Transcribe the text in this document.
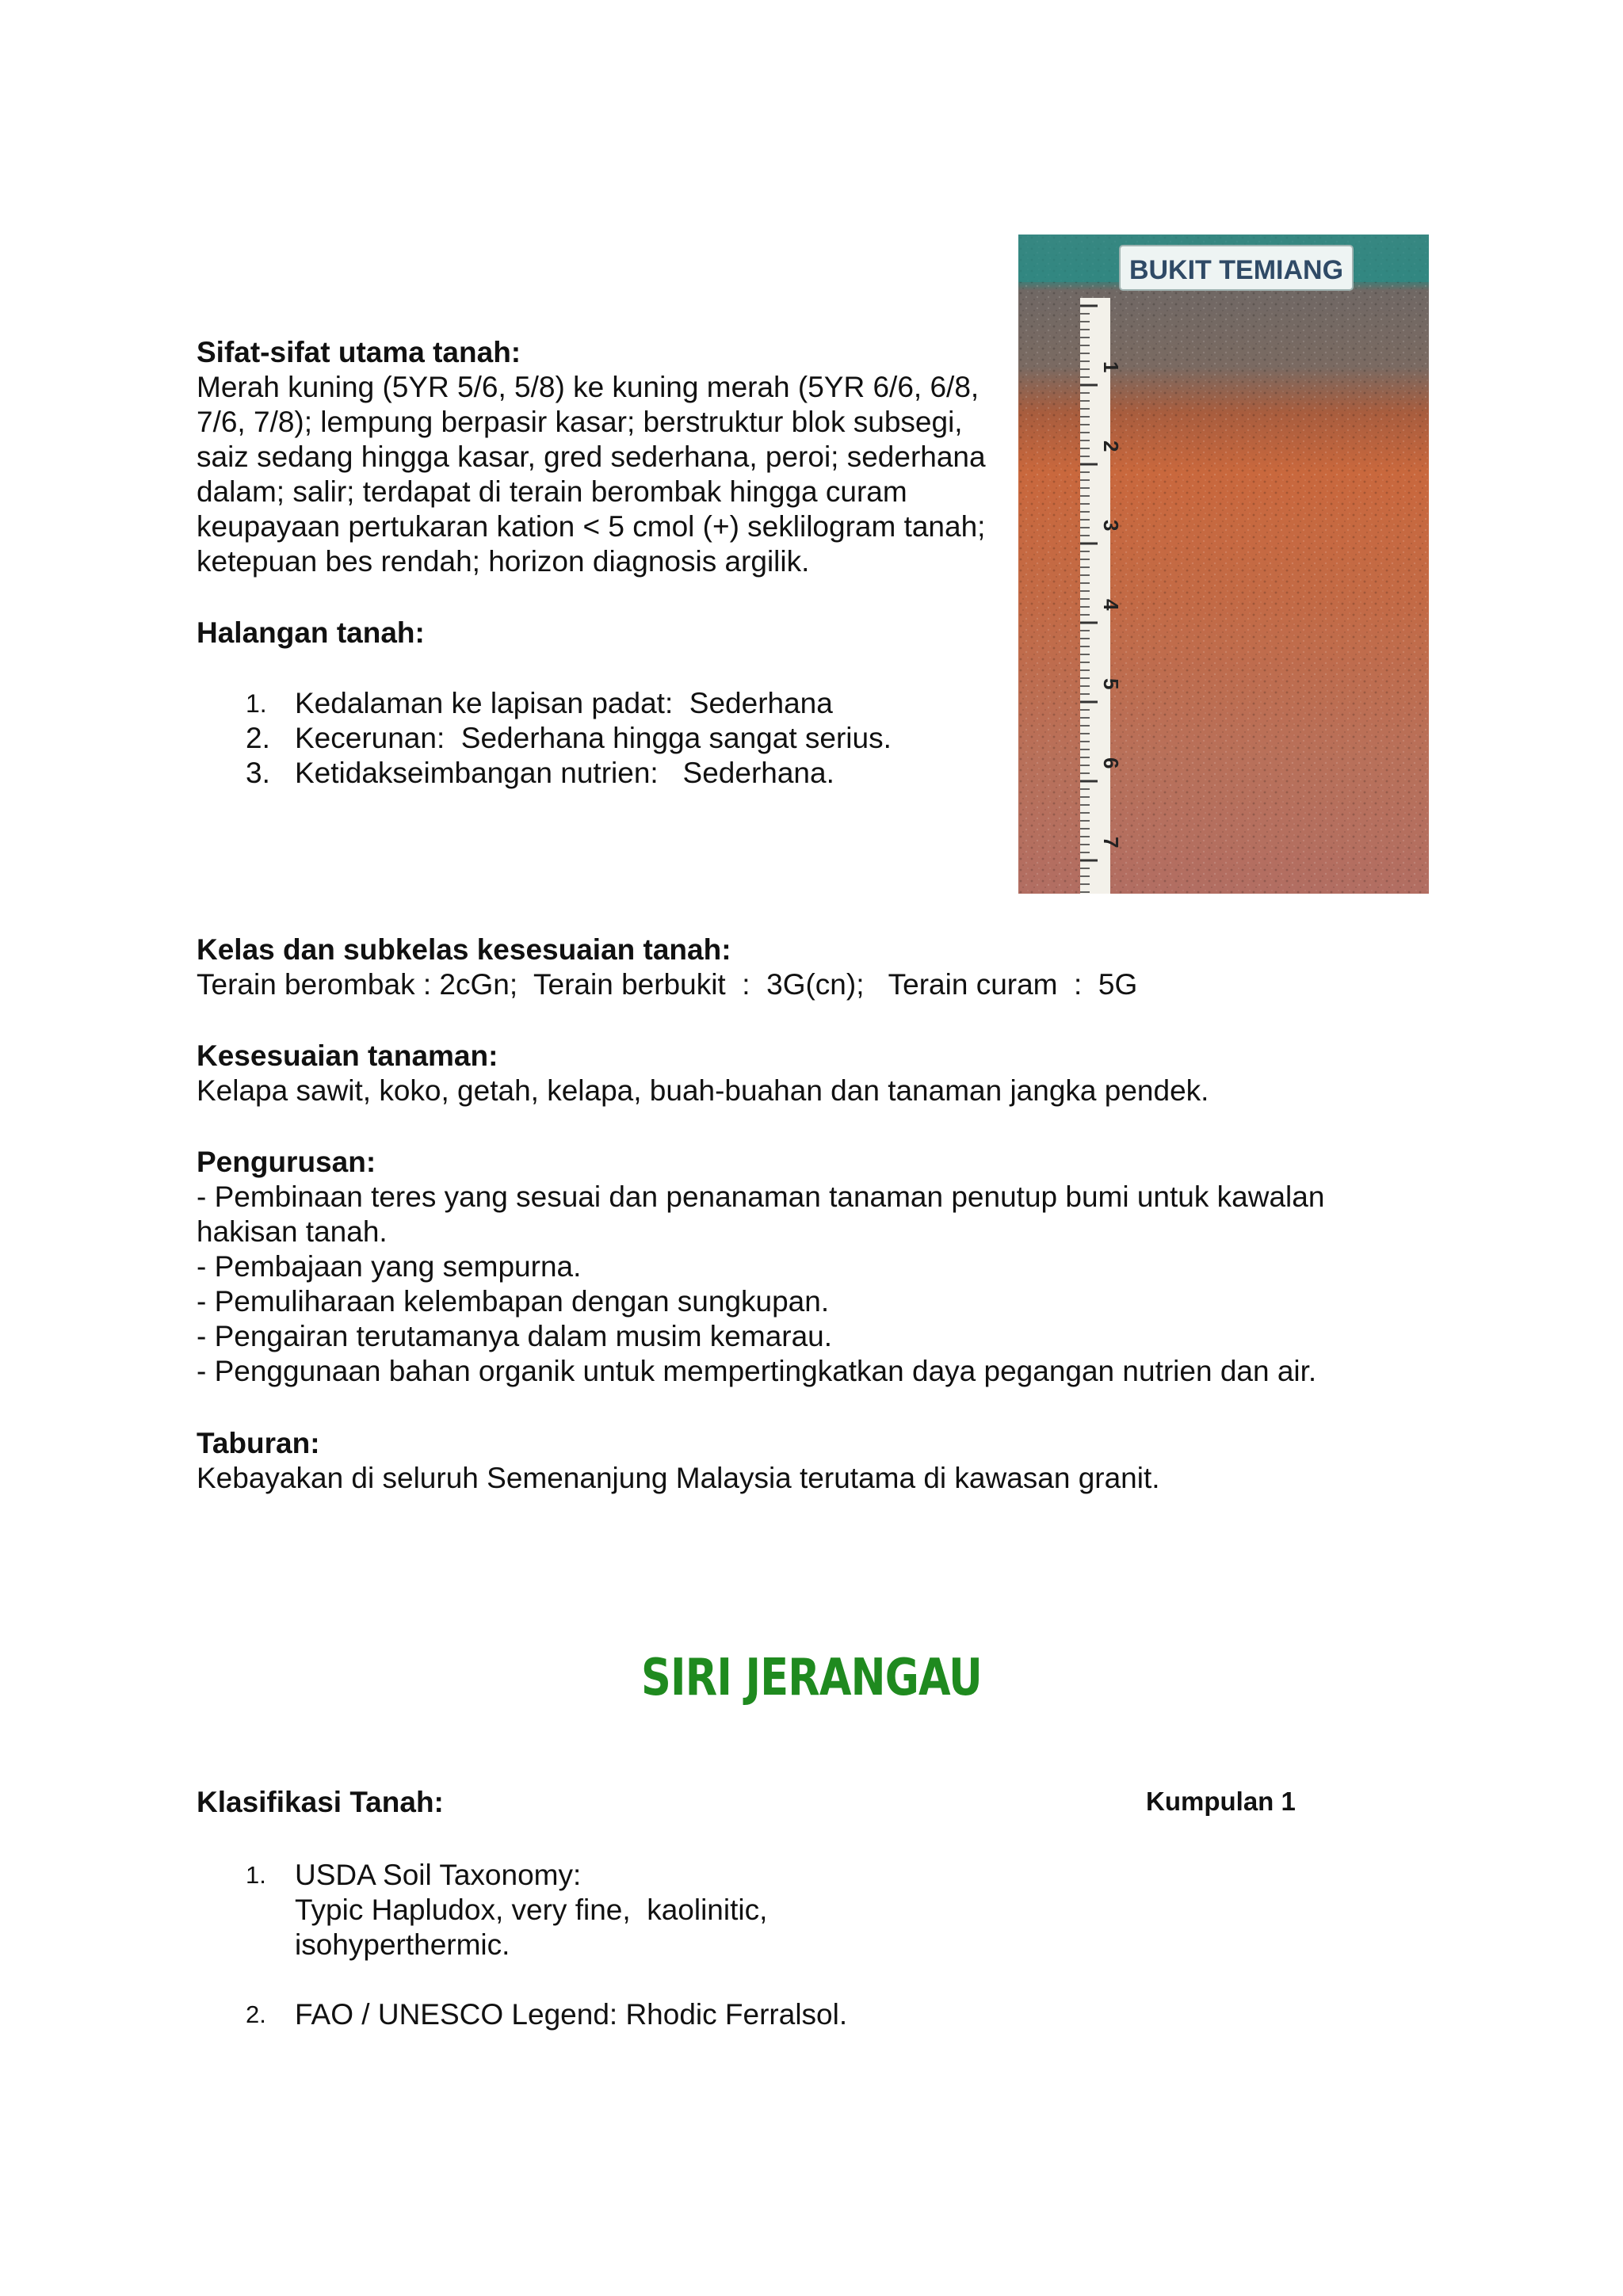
BUKIT TEMIANG
1
2
3
4
5
6
7
Sifat-sifat utama tanah:
Merah kuning (5YR 5/6, 5/8) ke kuning merah (5YR 6/6, 6/8,
7/6, 7/8); lempung berpasir kasar; berstruktur blok subsegi,
saiz sedang hingga kasar, gred sederhana, peroi; sederhana
dalam; salir; terdapat di terain berombak hingga curam
keupayaan pertukaran kation < 5 cmol (+) seklilogram tanah;
ketepuan bes rendah; horizon diagnosis argilik.
Halangan tanah:
1. Kedalaman ke lapisan padat:  Sederhana
2. Kecerunan:  Sederhana hingga sangat serius.
3. Ketidakseimbangan nutrien:   Sederhana.
Kelas dan subkelas kesesuaian tanah:
Terain berombak : 2cGn;  Terain berbukit  :  3G(cn);   Terain curam  :  5G
Kesesuaian tanaman:
Kelapa sawit, koko, getah, kelapa, buah-buahan dan tanaman jangka pendek.
Pengurusan:
- Pembinaan teres yang sesuai dan penanaman tanaman penutup bumi untuk kawalan
hakisan tanah.
- Pembajaan yang sempurna.
- Pemuliharaan kelembapan dengan sungkupan.
- Pengairan terutamanya dalam musim kemarau.
- Penggunaan bahan organik untuk mempertingkatkan daya pegangan nutrien dan air.
Taburan:
Kebayakan di seluruh Semenanjung Malaysia terutama di kawasan granit.
SIRI JERANGAU
Klasifikasi Tanah:	Kumpulan 1
1. USDA Soil Taxonomy:
Typic Hapludox, very fine,  kaolinitic,
isohyperthermic.
2. FAO / UNESCO Legend: Rhodic Ferralsol.
